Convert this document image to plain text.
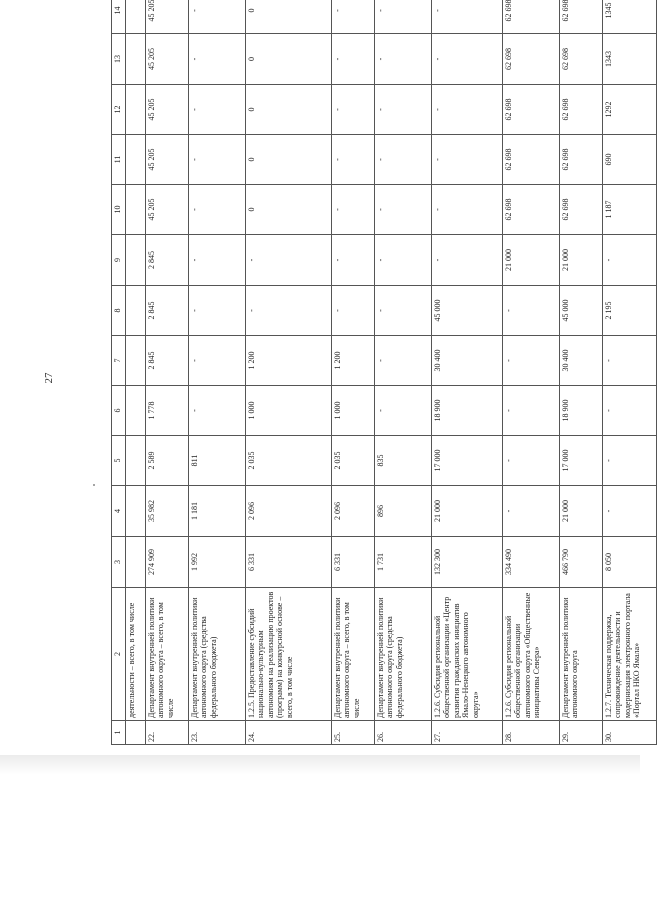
27
1	2	3	4	5	6	7	8	9	10	11	12	13	14
	деятельности – всего, в том числе												
22.	Департамент внутренней политики автономного округа – всего, в том числе	274 909	35 982	2 589	1 778	2 845	2 845	2 845	45 205	45 205	45 205	45 205	45 205
23.	Департамент внутренней политики автономного округа (средства федерального бюджета)	1 992	1 181	811	-	-	-	-	-	-	-	-	-
24.	1.2.5. Предоставление субсидий национально-культурным автономиям на реализацию проектов (программ) на конкурсной основе – всего, в том числе	6 331	2 096	2 035	1 000	1 200	-	-	0	0	0	0	0
25.	Департамент внутренней политики автономного округа – всего, в том числе	6 331	2 096	2 035	1 000	1 200	-	-	-	-	-	-	-
26.	Департамент внутренней политики автономного округа (средства федерального бюджета)	1 731	896	835	-	-	-	-	-	-	-	-	-
27.	1.2.6. Субсидия региональной общественной организации «Центр развития гражданских инициатив Ямало-Ненецкого автономного округа»	132 300	21 000	17 000	18 900	30 400	45 000	-	-	-	-	-	-
28.	1.2.6. Субсидия региональной общественной организации автономного округа «Общественные инициативы Севера»	334 490	-	-	-	-	-	21 000	62 698	62 698	62 698	62 698	62 698
29.	Департамент внутренней политики автономного округа	466 790	21 000	17 000	18 900	30 400	45 000	21 000	62 698	62 698	62 698	62 698	62 698
30.	1.2.7. Техническая поддержка, сопровождение деятельности и модернизация электронного портала «Портал НКО Ямала»	8 050	-	-	-	-	2 195	-	1 187	690	1292	1343	1345
